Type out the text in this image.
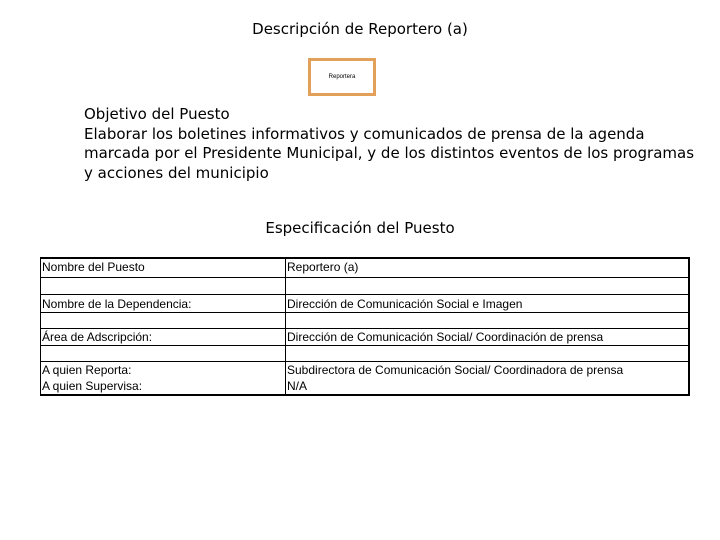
Descripción de Reportero (a)
Reportera
Objetivo del Puesto
Elaborar los boletines informativos y comunicados de prensa de la agenda marcada por el Presidente Municipal, y de los distintos eventos de los programas y acciones del municipio
Especificación del Puesto
Nombre del Puesto	Reportero (a)
Nombre de la Dependencia:	Dirección de Comunicación Social e Imagen
Área de Adscripción:	Dirección de Comunicación Social/ Coordinación de prensa
A quien Reporta:	Subdirectora de Comunicación Social/ Coordinadora de prensa
A quien Supervisa:	N/A
